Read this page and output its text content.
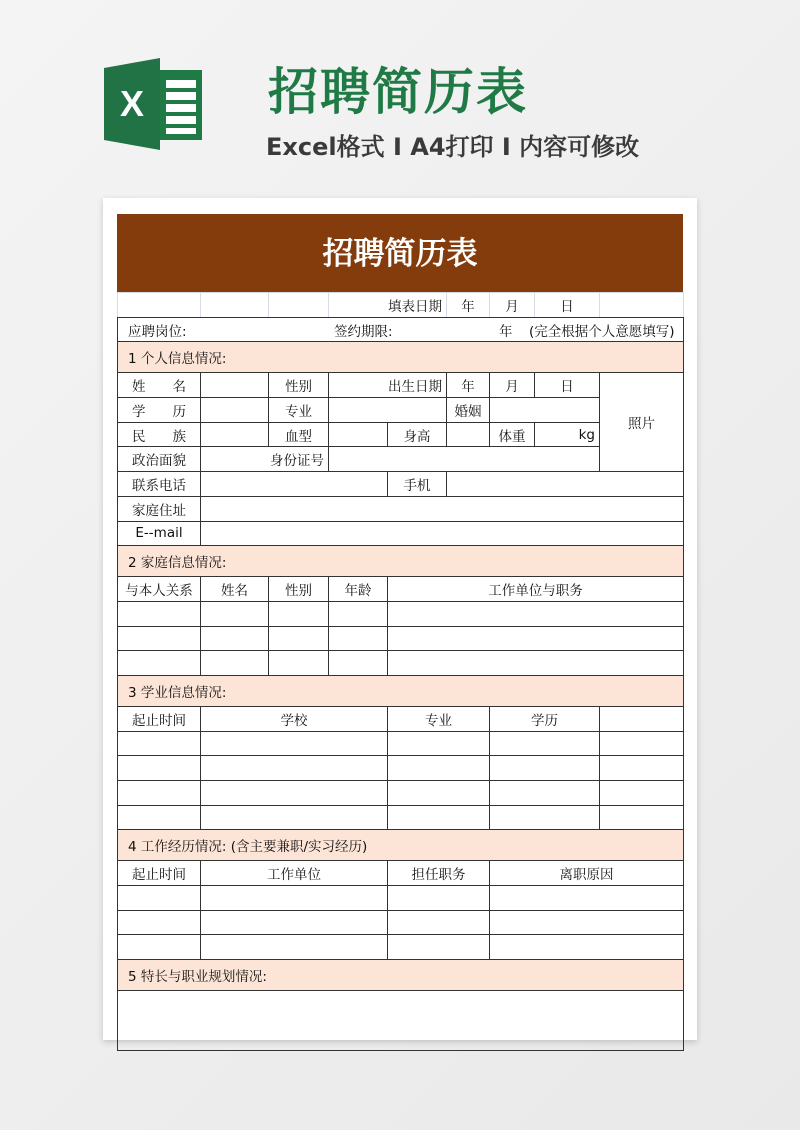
X 招聘简历表
Excel格式 I A4打印 I 内容可修改
招聘简历表
			填表日期		年	月	日	

应聘岗位: 签约期限: 年 (完全根据个人意愿填写)								

1 个人信息情况:								

姓 名		性别	出生日期		年	月	日	照片

学 历		专业			婚姻			

民 族		血型		身高		体重	kg	
政治面貌	身份证号							
联系电话				手机				
家庭住址								
E--mail								
2 家庭信息情况:								
与本人关系	姓名	性别	年龄	工作单位与职务				

3 学业信息情况:								
起止时间	学校			专业		学历		

4 工作经历情况: (含主要兼职/实习经历)								
起止时间	工作单位			担任职务		离职原因		

5 特长与职业规划情况:								
